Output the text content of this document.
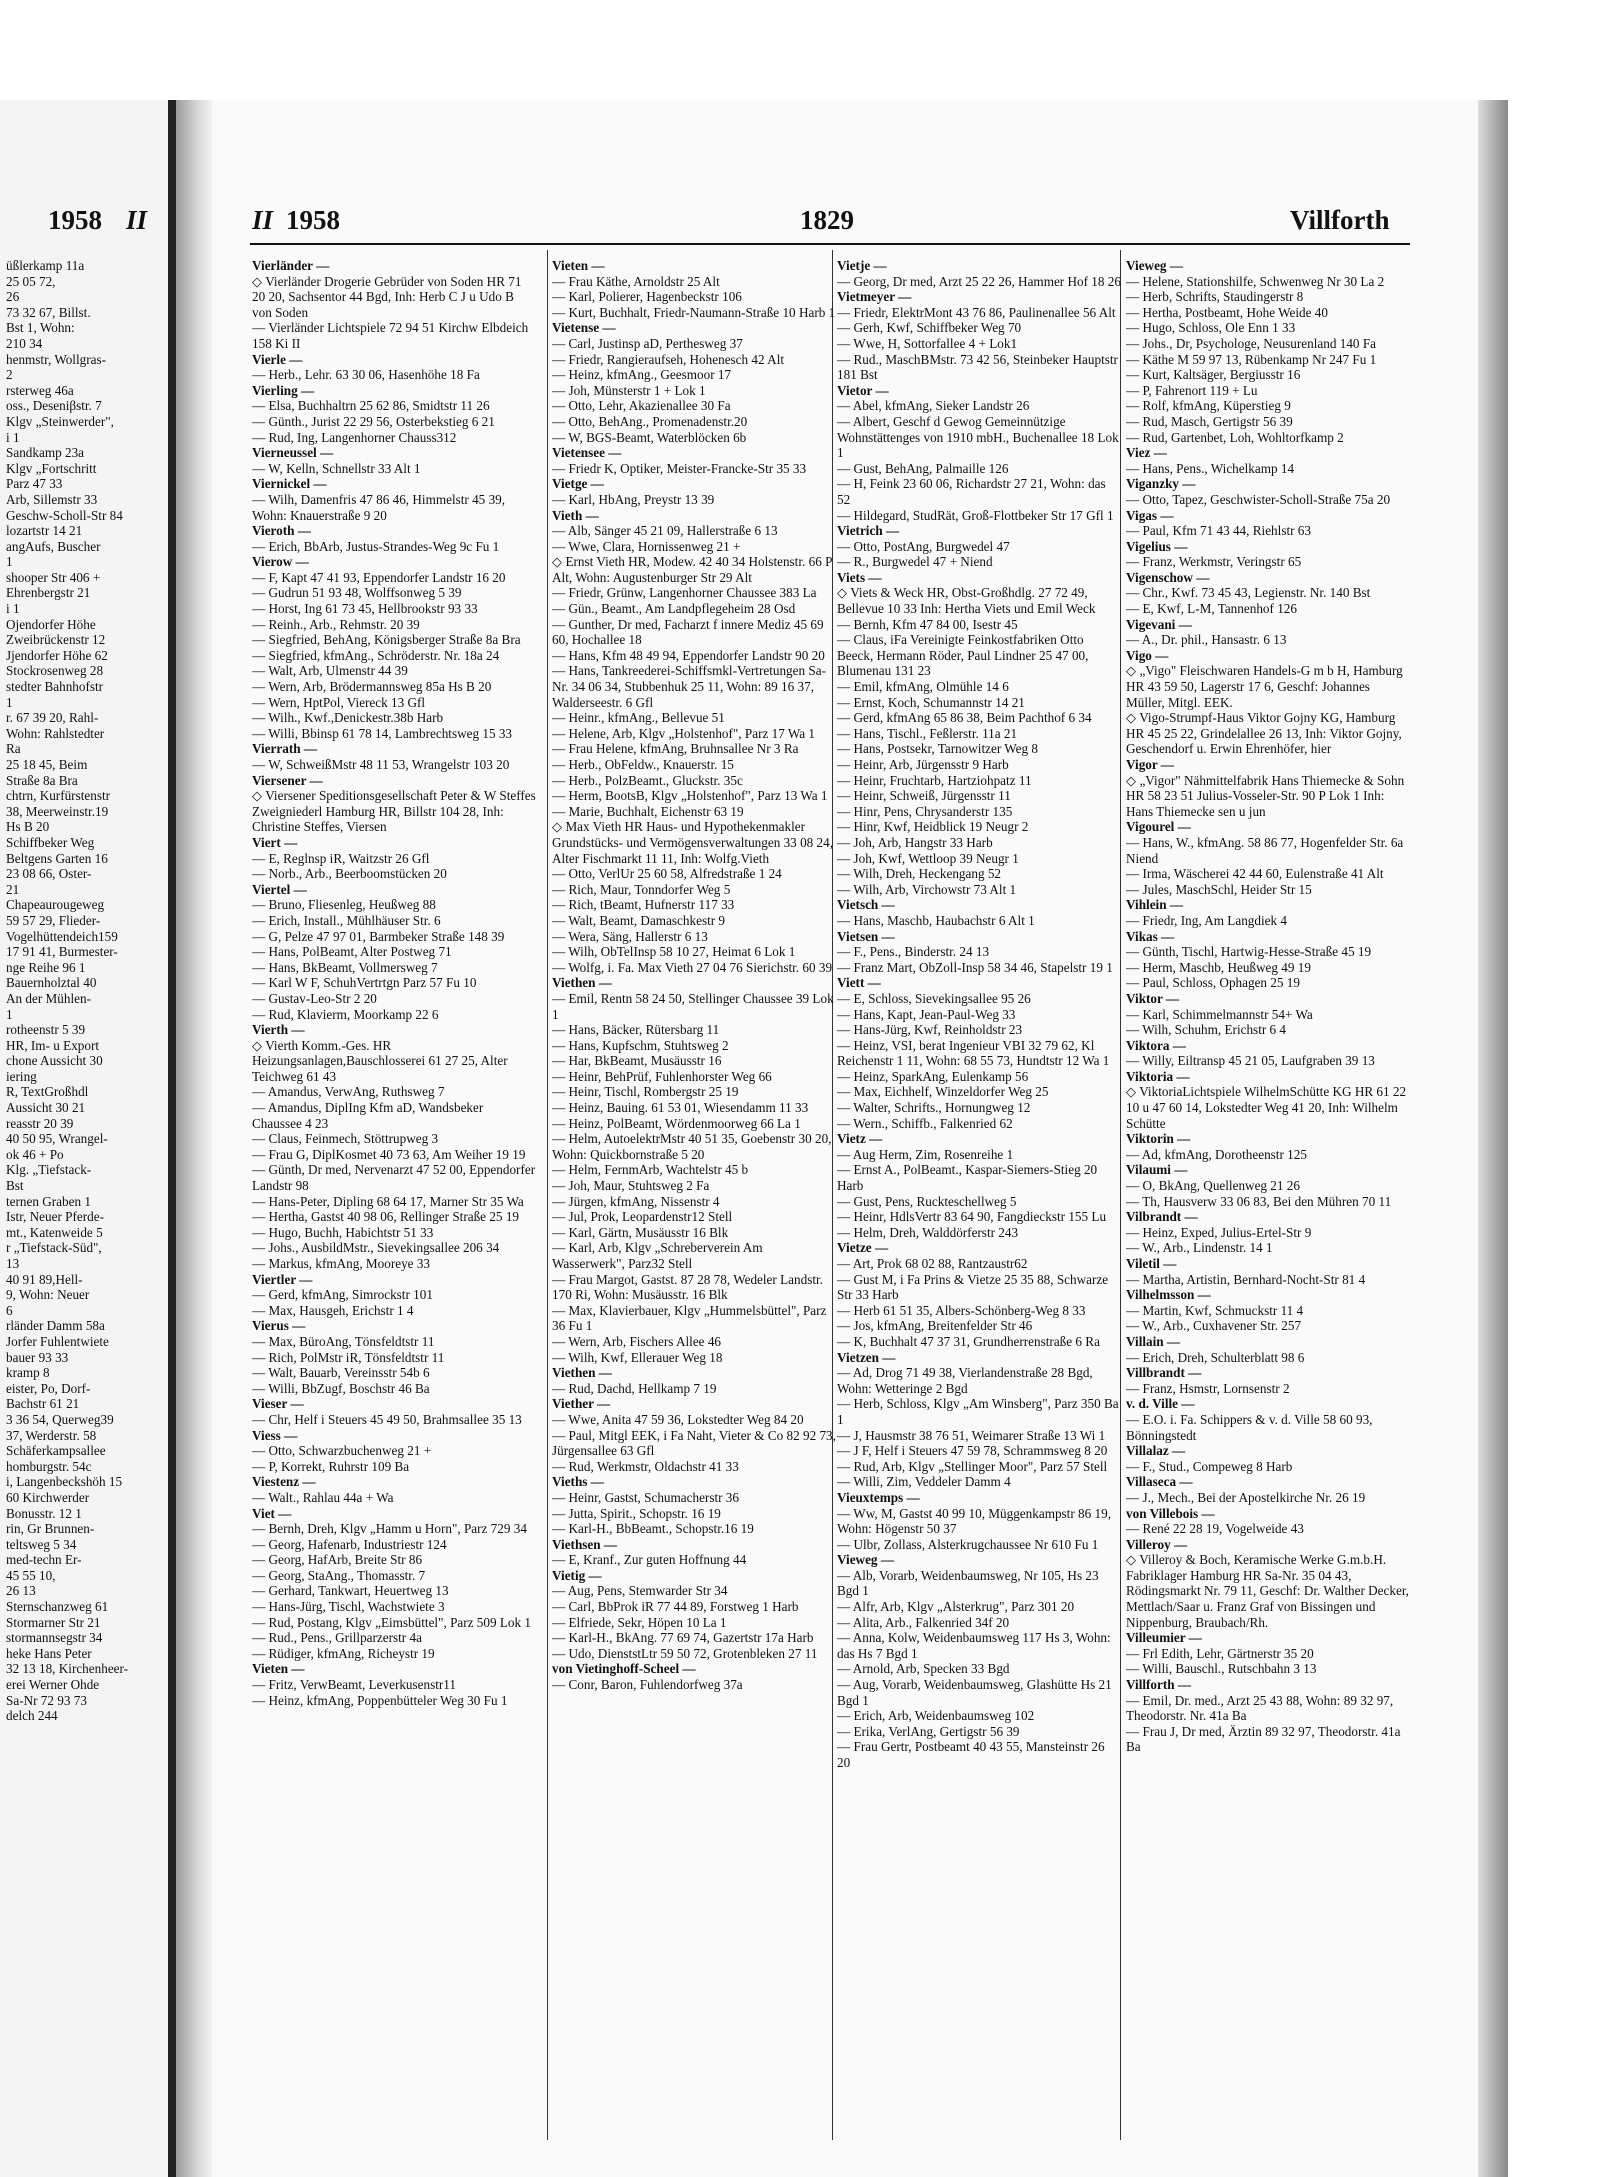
1958 II
üßlerkamp 11a
25 05 72,
26
73 32 67, Billst.
Bst 1, Wohn:
210 34
henmstr, Wollgras-
2
rsterweg 46a
oss., Deseniβstr. 7
Klgv „Steinwerder",
i 1
Sandkamp 23a
Klgv „Fortschritt
Parz 47 33
Arb, Sillemstr 33
Geschw-Scholl-Str 84
lozartstr 14 21
angAufs, Buscher
1
shooper Str 406 +
Ehrenbergstr 21
i 1
Ojendorfer Höhe
Zweibrückenstr 12
Jjendorfer Höhe 62
Stockrosenweg 28
stedter Bahnhofstr
1
r. 67 39 20, Rahl-
Wohn: Rahlstedter
Ra
25 18 45, Beim
Straße 8a Bra
chtrn, Kurfürstenstr
38, Meerweinstr.19
Hs B 20
Schiffbeker Weg
Beltgens Garten 16
23 08 66, Oster-
21
Chapeaurougeweg
59 57 29, Flieder-
Vogelhüttendeich159
17 91 41, Burmester-
nge Reihe 96 1
Bauernholztal 40
An der Mühlen-
1
rotheenstr 5 39
HR, Im- u Export
chone Aussicht 30
iering
R, TextGroßhdl
Aussicht 30 21
reasstr 20 39
40 50 95, Wrangel-
ok 46 + Po
Klg. „Tiefstack-
Bst
ternen Graben 1
Istr, Neuer Pferde-
mt., Katenweide 5
r „Tiefstack-Süd",
13
40 91 89,Hell-
9, Wohn: Neuer
6
rländer Damm 58a
Jorfer Fuhlentwiete
bauer 93 33
kramp 8
eister, Po, Dorf-
Bachstr 61 21
3 36 54, Querweg39
37, Werderstr. 58
Schäferkampsallee
homburgstr. 54c
i, Langenbeckshöh 15
60 Kirchwerder
Bonusstr. 12 1
rin, Gr Brunnen-
teltsweg 5 34
med-techn Er-
45 55 10,
26 13
Sternschanzweg 61
Stormarner Str 21
stormannsegstr 34
heke Hans Peter
32 13 18, Kirchenheer-
erei Werner Ohde
Sa-Nr 72 93 73
delch 244
II 1958	1829	Villforth
Vierländer —
◇ Vierländer Drogerie Gebrüder von Soden HR 71 20 20, Sachsentor 44 Bgd, Inh: Herb C J u Udo B von Soden
— Vierländer Lichtspiele 72 94 51 Kirchw Elbdeich 158 Ki II
Vierle —
— Herb., Lehr. 63 30 06, Hasenhöhe 18 Fa
Vierling —
— Elsa, Buchhaltrn 25 62 86, Smidtstr 11 26
— Günth., Jurist 22 29 56, Osterbekstieg 6 21
— Rud, Ing, Langenhorner Chauss312
Vierneussel —
— W, Kelln, Schnellstr 33 Alt 1
Viernickel —
— Wilh, Damenfris 47 86 46, Himmelstr 45 39, Wohn: Knauerstraße 9 20
Vieroth —
— Erich, BbArb, Justus-Strandes-Weg 9c Fu 1
Vierow —
— F, Kapt 47 41 93, Eppendorfer Landstr 16 20
— Gudrun 51 93 48, Wolffsonweg 5 39
— Horst, Ing 61 73 45, Hellbrookstr 93 33
— Reinh., Arb., Rehmstr. 20 39
— Siegfried, BehAng, Königsberger Straße 8a Bra
— Siegfried, kfmAng., Schröderstr. Nr. 18a 24
— Walt, Arb, Ulmenstr 44 39
— Wern, Arb, Brödermannsweg 85a Hs B 20
— Wern, HptPol, Viereck 13 Gfl
— Wilh., Kwf.,Denickestr.38b Harb
— Willi, Bbinsp 61 78 14, Lambrechtsweg 15 33
Vierrath —
— W, SchweißMstr 48 11 53, Wrangelstr 103 20
Viersener —
◇ Viersener Speditionsgesellschaft Peter & W Steffes Zweigniederl Hamburg HR, Billstr 104 28, Inh: Christine Steffes, Viersen
Viert —
— E, Reglnsp iR, Waitzstr 26 Gfl
— Norb., Arb., Beerboomstücken 20
Viertel —
— Bruno, Fliesenleg, Heußweg 88
— Erich, Install., Mühlhäuser Str. 6
— G, Pelze 47 97 01, Barmbeker Straße 148 39
— Hans, PolBeamt, Alter Postweg 71
— Hans, BkBeamt, Vollmersweg 7
— Karl W F, SchuhVertrtgn Parz 57 Fu 10
— Gustav-Leo-Str 2 20
— Rud, Klavierm, Moorkamp 22 6
Vierth —
◇ Vierth Komm.-Ges. HR Heizungsanlagen,Bauschlosserei 61 27 25, Alter Teichweg 61 43
— Amandus, VerwAng, Ruthsweg 7
— Amandus, DiplIng Kfm aD, Wandsbeker Chaussee 4 23
— Claus, Feinmech, Stöttrupweg 3
— Frau G, DiplKosmet 40 73 63, Am Weiher 19 19
— Günth, Dr med, Nervenarzt 47 52 00, Eppendorfer Landstr 98
— Hans-Peter, Dipling 68 64 17, Marner Str 35 Wa
— Hertha, Gastst 40 98 06, Rellinger Straße 25 19
— Hugo, Buchh, Habichtstr 51 33
— Johs., AusbildMstr., Sievekingsallee 206 34
— Markus, kfmAng, Mooreye 33
Viertler —
— Gerd, kfmAng, Simrockstr 101
— Max, Hausgeh, Erichstr 1 4
Vierus —
— Max, BüroAng, Tönsfeldtstr 11
— Rich, PolMstr iR, Tönsfeldtstr 11
— Walt, Bauarb, Vereinsstr 54b 6
— Willi, BbZugf, Boschstr 46 Ba
Vieser —
— Chr, Helf i Steuers 45 49 50, Brahmsallee 35 13
Viess —
— Otto, Schwarzbuchenweg 21 +
— P, Korrekt, Ruhrstr 109 Ba
Viestenz —
— Walt., Rahlau 44a + Wa
Viet —
— Bernh, Dreh, Klgv „Hamm u Horn", Parz 729 34
— Georg, Hafenarb, Industriestr 124
— Georg, HafArb, Breite Str 86
— Georg, StaAng., Thomasstr. 7
— Gerhard, Tankwart, Heuertweg 13
— Hans-Jürg, Tischl, Wachstwiete 3
— Rud, Postang, Klgv „Eimsbüttel", Parz 509 Lok 1
— Rud., Pens., Grillparzerstr 4a
— Rüdiger, kfmAng, Richeystr 19
Vieten —
— Fritz, VerwBeamt, Leverkusenstr11
— Heinz, kfmAng, Poppenbütteler Weg 30 Fu 1
Vieten —
— Frau Käthe, Arnoldstr 25 Alt
— Karl, Polierer, Hagenbeckstr 106
— Kurt, Buchhalt, Friedr-Naumann-Straße 10 Harb 1
Vietense —
— Carl, Justinsp aD, Perthesweg 37
— Friedr, Rangieraufseh, Hohenesch 42 Alt
— Heinz, kfmAng., Geesmoor 17
— Joh, Münsterstr 1 + Lok 1
— Otto, Lehr, Akazienallee 30 Fa
— Otto, BehAng., Promenadenstr.20
— W, BGS-Beamt, Waterblöcken 6b
Vietensee —
— Friedr K, Optiker, Meister-Francke-Str 35 33
Vietge —
— Karl, HbAng, Preystr 13 39
Vieth —
— Alb, Sänger 45 21 09, Hallerstraße 6 13
— Wwe, Clara, Hornissenweg 21 +
◇ Ernst Vieth HR, Modew. 42 40 34 Holstenstr. 66 P Alt, Wohn: Augustenburger Str 29 Alt
— Friedr, Grünw, Langenhorner Chaussee 383 La
— Gün., Beamt., Am Landpflegeheim 28 Osd
— Gunther, Dr med, Facharzt f innere Mediz 45 69 60, Hochallee 18
— Hans, Kfm 48 49 94, Eppendorfer Landstr 90 20
— Hans, Tankreederei-Schiffsmkl-Vertretungen Sa-Nr. 34 06 34, Stubbenhuk 25 11, Wohn: 89 16 37, Walderseestr. 6 Gfl
— Heinr., kfmAng., Bellevue 51
— Helene, Arb, Klgv „Holstenhof", Parz 17 Wa 1
— Frau Helene, kfmAng, Bruhnsallee Nr 3 Ra
— Herb., ObFeldw., Knauerstr. 15
— Herb., PolzBeamt., Gluckstr. 35c
— Herm, BootsB, Klgv „Holstenhof", Parz 13 Wa 1
— Marie, Buchhalt, Eichenstr 63 19
◇ Max Vieth HR Haus- und Hypothekenmakler Grundstücks- und Vermögensverwaltungen 33 08 24, Alter Fischmarkt 11 11, Inh: Wolfg.Vieth
— Otto, VerlUr 25 60 58, Alfredstraße 1 24
— Rich, Maur, Tonndorfer Weg 5
— Rich, tBeamt, Hufnerstr 117 33
— Walt, Beamt, Damaschkestr 9
— Wera, Säng, Hallerstr 6 13
— Wilh, ObTelInsp 58 10 27, Heimat 6 Lok 1
— Wolfg, i. Fa. Max Vieth 27 04 76 Sierichstr. 60 39
Viethen —
— Emil, Rentn 58 24 50, Stellinger Chaussee 39 Lok 1
— Hans, Bäcker, Rütersbarg 11
— Hans, Kupfschm, Stuhtsweg 2
— Har, BkBeamt, Musäusstr 16
— Heinr, BehPrüf, Fuhlenhorster Weg 66
— Heinr, Tischl, Rombergstr 25 19
— Heinz, Bauing. 61 53 01, Wiesendamm 11 33
— Heinz, PolBeamt, Wördenmoorweg 66 La 1
— Helm, AutoelektrMstr 40 51 35, Goebenstr 30 20, Wohn: Quickbornstraße 5 20
— Helm, FernmArb, Wachtelstr 45 b
— Joh, Maur, Stuhtsweg 2 Fa
— Jürgen, kfmAng, Nissenstr 4
— Jul, Prok, Leopardenstr12 Stell
— Karl, Gärtn, Musäusstr 16 Blk
— Karl, Arb, Klgv „Schreberverein Am Wasserwerk", Parz32 Stell
— Frau Margot, Gastst. 87 28 78, Wedeler Landstr. 170 Ri, Wohn: Musäusstr. 16 Blk
— Max, Klavierbauer, Klgv „Hummelsbüttel", Parz 36 Fu 1
— Wern, Arb, Fischers Allee 46
— Wilh, Kwf, Ellerauer Weg 18
Viethen —
— Rud, Dachd, Hellkamp 7 19
Viether —
— Wwe, Anita 47 59 36, Lokstedter Weg 84 20
— Paul, Mitgl EEK, i Fa Naht, Vieter & Co 82 92 73, Jürgensallee 63 Gfl
— Rud, Werkmstr, Oldachstr 41 33
Vieths —
— Heinr, Gastst, Schumacherstr 36
— Jutta, Spirit., Schopstr. 16 19
— Karl-H., BbBeamt., Schopstr.16 19
Viethsen —
— E, Kranf., Zur guten Hoffnung 44
Vietig —
— Aug, Pens, Stemwarder Str 34
— Carl, BbProk iR 77 44 89, Forstweg 1 Harb
— Elfriede, Sekr, Höpen 10 La 1
— Karl-H., BkAng. 77 69 74, Gazertstr 17a Harb
— Udo, DienststLtr 59 50 72, Grotenbleken 27 11
von Vietinghoff-Scheel —
— Conr, Baron, Fuhlendorfweg 37a
Vietje —
— Georg, Dr med, Arzt 25 22 26, Hammer Hof 18 26
Vietmeyer —
— Friedr, ElektrMont 43 76 86, Paulinenallee 56 Alt
— Gerh, Kwf, Schiffbeker Weg 70
— Wwe, H, Sottorfallee 4 + Lok1
— Rud., MaschBMstr. 73 42 56, Steinbeker Hauptstr 181 Bst
Vietor —
— Abel, kfmAng, Sieker Landstr 26
— Albert, Geschf d Gewog Gemeinnützige Wohnstättenges von 1910 mbH., Buchenallee 18 Lok 1
— Gust, BehAng, Palmaille 126
— H, Feink 23 60 06, Richardstr 27 21, Wohn: das 52
— Hildegard, StudRät, Groß-Flottbeker Str 17 Gfl 1
Vietrich —
— Otto, PostAng, Burgwedel 47
— R., Burgwedel 47 + Niend
Viets —
◇ Viets & Weck HR, Obst-Großhdlg. 27 72 49, Bellevue 10 33 Inh: Hertha Viets und Emil Weck
— Bernh, Kfm 47 84 00, Isestr 45
— Claus, iFa Vereinigte Feinkostfabriken Otto Beeck, Hermann Röder, Paul Lindner 25 47 00, Blumenau 131 23
— Emil, kfmAng, Olmühle 14 6
— Ernst, Koch, Schumannstr 14 21
— Gerd, kfmAng 65 86 38, Beim Pachthof 6 34
— Hans, Tischl., Feßlerstr. 11a 21
— Hans, Postsekr, Tarnowitzer Weg 8
— Heinr, Arb, Jürgensstr 9 Harb
— Heinr, Fruchtarb, Hartziohpatz 11
— Heinr, Schweiß, Jürgensstr 11
— Hinr, Pens, Chrysanderstr 135
— Hinr, Kwf, Heidblick 19 Neugr 2
— Joh, Arb, Hangstr 33 Harb
— Joh, Kwf, Wettloop 39 Neugr 1
— Wilh, Dreh, Heckengang 52
— Wilh, Arb, Virchowstr 73 Alt 1
Vietsch —
— Hans, Maschb, Haubachstr 6 Alt 1
Vietsen —
— F., Pens., Binderstr. 24 13
— Franz Mart, ObZoll-Insp 58 34 46, Stapelstr 19 1
Viett —
— E, Schloss, Sievekingsallee 95 26
— Hans, Kapt, Jean-Paul-Weg 33
— Hans-Jürg, Kwf, Reinholdstr 23
— Heinz, VSI, berat Ingenieur VBI 32 79 62, Kl Reichenstr 1 11, Wohn: 68 55 73, Hundtstr 12 Wa 1
— Heinz, SparkAng, Eulenkamp 56
— Max, Eichhelf, Winzeldorfer Weg 25
— Walter, Schrifts., Hornungweg 12
— Wern., Schiffb., Falkenried 62
Vietz —
— Aug Herm, Zim, Rosenreihe 1
— Ernst A., PolBeamt., Kaspar-Siemers-Stieg 20 Harb
— Gust, Pens, Ruckteschellweg 5
— Heinr, HdlsVertr 83 64 90, Fangdieckstr 155 Lu
— Helm, Dreh, Walddörferstr 243
Vietze —
— Art, Prok 68 02 88, Rantzaustr62
— Gust M, i Fa Prins & Vietze 25 35 88, Schwarze Str 33 Harb
— Herb 61 51 35, Albers-Schönberg-Weg 8 33
— Jos, kfmAng, Breitenfelder Str 46
— K, Buchhalt 47 37 31, Grundherrenstraße 6 Ra
Vietzen —
— Ad, Drog 71 49 38, Vierlandenstraße 28 Bgd, Wohn: Wetteringe 2 Bgd
— Herb, Schloss, Klgv „Am Winsberg", Parz 350 Ba 1
— J, Hausmstr 38 76 51, Weimarer Straße 13 Wi 1
— J F, Helf i Steuers 47 59 78, Schrammsweg 8 20
— Rud, Arb, Klgv „Stellinger Moor", Parz 57 Stell
— Willi, Zim, Veddeler Damm 4
Vieuxtemps —
— Ww, M, Gastst 40 99 10, Müggenkampstr 86 19, Wohn: Högenstr 50 37
— Ulbr, Zollass, Alsterkrugchaussee Nr 610 Fu 1
Vieweg —
— Alb, Vorarb, Weidenbaumsweg, Nr 105, Hs 23 Bgd 1
— Alfr, Arb, Klgv „Alsterkrug", Parz 301 20
— Alita, Arb., Falkenried 34f 20
— Anna, Kolw, Weidenbaumsweg 117 Hs 3, Wohn: das Hs 7 Bgd 1
— Arnold, Arb, Specken 33 Bgd
— Aug, Vorarb, Weidenbaumsweg, Glashütte Hs 21 Bgd 1
— Erich, Arb, Weidenbaumsweg 102
— Erika, VerlAng, Gertigstr 56 39
— Frau Gertr, Postbeamt 40 43 55, Mansteinstr 26 20
Vieweg —
— Helene, Stationshilfe, Schwenweg Nr 30 La 2
— Herb, Schrifts, Staudingerstr 8
— Hertha, Postbeamt, Hohe Weide 40
— Hugo, Schloss, Ole Enn 1 33
— Johs., Dr, Psychologe, Neusurenland 140 Fa
— Käthe M 59 97 13, Rübenkamp Nr 247 Fu 1
— Kurt, Kaltsäger, Bergiusstr 16
— P, Fahrenort 119 + Lu
— Rolf, kfmAng, Küperstieg 9
— Rud, Masch, Gertigstr 56 39
— Rud, Gartenbet, Loh, Wohltorfkamp 2
Viez —
— Hans, Pens., Wichelkamp 14
Viganzky —
— Otto, Tapez, Geschwister-Scholl-Straße 75a 20
Vigas —
— Paul, Kfm 71 43 44, Riehlstr 63
Vigelius —
— Franz, Werkmstr, Veringstr 65
Vigenschow —
— Chr., Kwf. 73 45 43, Legienstr. Nr. 140 Bst
— E, Kwf, L-M, Tannenhof 126
Vigevani —
— A., Dr. phil., Hansastr. 6 13
Vigo —
◇ „Vigo" Fleischwaren Handels-G m b H, Hamburg HR 43 59 50, Lagerstr 17 6, Geschf: Johannes Müller, Mitgl. EEK.
◇ Vigo-Strumpf-Haus Viktor Gojny KG, Hamburg HR 45 25 22, Grindelallee 26 13, Inh: Viktor Gojny, Geschendorf u. Erwin Ehrenhöfer, hier
Vigor —
◇ „Vigor" Nähmittelfabrik Hans Thiemecke & Sohn HR 58 23 51 Julius-Vosseler-Str. 90 P Lok 1 Inh: Hans Thiemecke sen u jun
Vigourel —
— Hans, W., kfmAng. 58 86 77, Hogenfelder Str. 6a Niend
— Irma, Wäscherei 42 44 60, Eulenstraße 41 Alt
— Jules, MaschSchl, Heider Str 15
Vihlein —
— Friedr, Ing, Am Langdiek 4
Vikas —
— Günth, Tischl, Hartwig-Hesse-Straße 45 19
— Herm, Maschb, Heußweg 49 19
— Paul, Schloss, Ophagen 25 19
Viktor —
— Karl, Schimmelmannstr 54+ Wa
— Wilh, Schuhm, Erichstr 6 4
Viktora —
— Willy, Eiltransp 45 21 05, Laufgraben 39 13
Viktoria —
◇ ViktoriaLichtspiele WilhelmSchütte KG HR 61 22 10 u 47 60 14, Lokstedter Weg 41 20, Inh: Wilhelm Schütte
Viktorin —
— Ad, kfmAng, Dorotheenstr 125
Vilaumi —
— O, BkAng, Quellenweg 21 26
— Th, Hausverw 33 06 83, Bei den Mühren 70 11
Vilbrandt —
— Heinz, Exped, Julius-Ertel-Str 9
— W., Arb., Lindenstr. 14 1
Viletil —
— Martha, Artistin, Bernhard-Nocht-Str 81 4
Vilhelmsson —
— Martin, Kwf, Schmuckstr 11 4
— W., Arb., Cuxhavener Str. 257
Villain —
— Erich, Dreh, Schulterblatt 98 6
Villbrandt —
— Franz, Hsmstr, Lornsenstr 2
v. d. Ville —
— E.O. i. Fa. Schippers & v. d. Ville 58 60 93, Bönningstedt
Villalaz —
— F., Stud., Compeweg 8 Harb
Villaseca —
— J., Mech., Bei der Apostelkirche Nr. 26 19
von Villebois —
— René 22 28 19, Vogelweide 43
Villeroy —
◇ Villeroy & Boch, Keramische Werke G.m.b.H. Fabriklager Hamburg HR Sa-Nr. 35 04 43, Rödingsmarkt Nr. 79 11, Geschf: Dr. Walther Decker, Mettlach/Saar u. Franz Graf von Bissingen und Nippenburg, Braubach/Rh.
Villeumier —
— Frl Edith, Lehr, Gärtnerstr 35 20
— Willi, Bauschl., Rutschbahn 3 13
Villforth —
— Emil, Dr. med., Arzt 25 43 88, Wohn: 89 32 97, Theodorstr. Nr. 41a Ba
— Frau J, Dr med, Ärztin 89 32 97, Theodorstr. 41a Ba
